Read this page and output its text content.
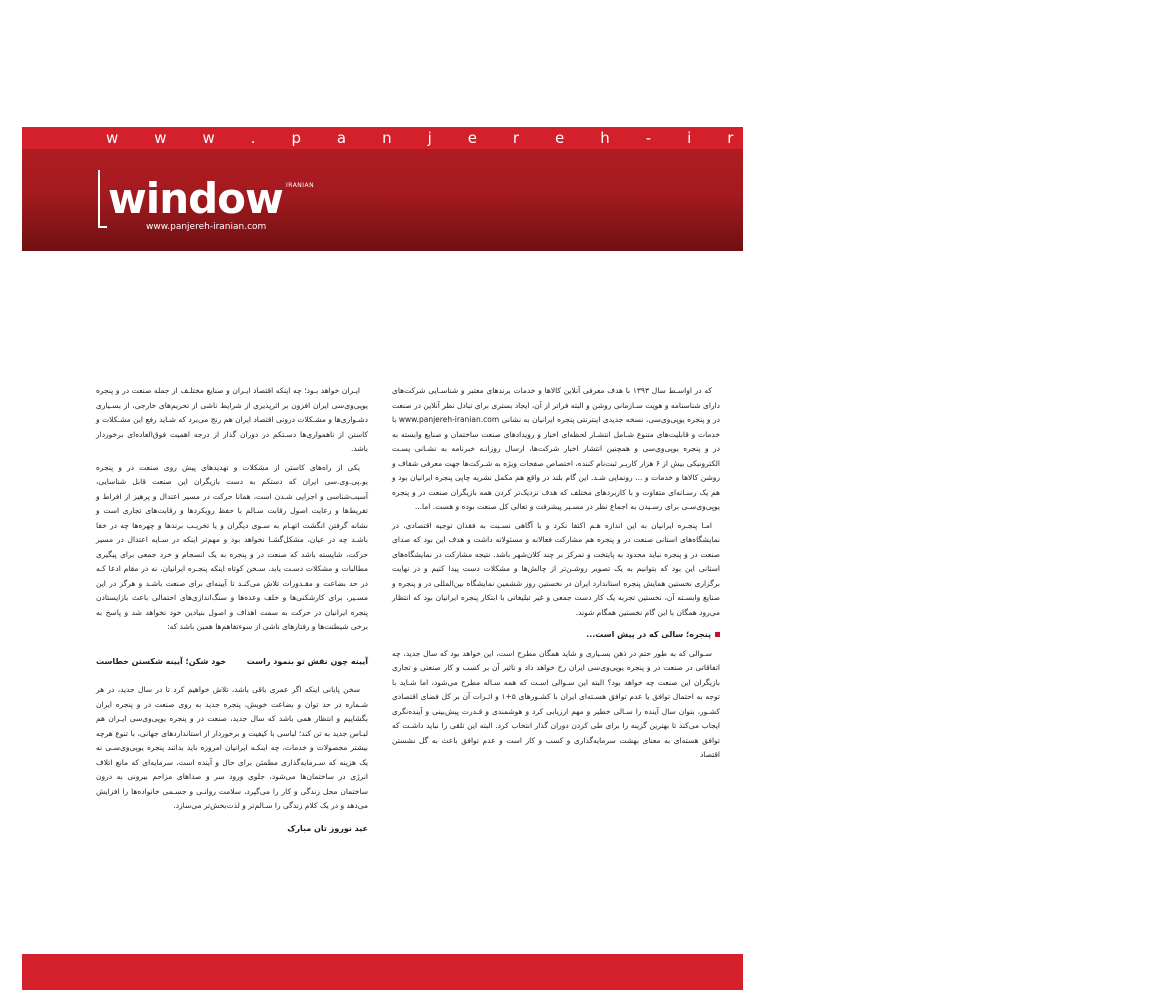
w w w . p a n j e r e h - i r a n i a n . c o m
window IRANIAN
www.panjereh-iranian.com

که در اواسـط سال ۱۳۹۳ با هدف معرفی آنلاین کالاها و خدمات برندهای معتبر و شناسـایی شرکت‌های دارای شناسنامه و هویت سـازمانی روشن و البته فراتر از آن، ایجاد بستری برای تبادل نظر آنلاین در صنعت در و پنجره یوپی‌وی‌سی، نسخه جدیدی اینترنتی پنجره ایرانیان به نشانی www.panjereh-iranian.com با خدمات و قابلیت‌های متنوع شـامل انتشـار لحظه‌ای اخبار و رویدادهای صنعت ساختمان و صنایع وابسته به در و پنجره یوپی‌وی‌سی و همچنین انتشار اخبار شرکت‌ها، ارسال روزانـه خبرنامه به نشـانی پسـت الکترونیکی بیش از ۶ هزار کاربـر ثبت‌نام کننده، اختصاص صفحات ویژه به شـرکت‌ها جهت معرفی شفاف و روشن کالاها و خدمات و ... رونمایی شـد. این گام بلند در واقع هم مکمل نشریه چاپی پنجره ایرانیان بود و هم یک رسـانه‌ای متفاوت و با کاربردهای مختلف که هدف نزدیک‌تر کردن همه بازیگران صنعت در و پنجره یوپی‌وی‌سـی برای رسـیدن به اجماع نظر در مسـیر پیشرفت و تعالی کل صنعت بوده و هست. اما...

امـا پنجـره ایرانیان به این اندازه هـم اکتفا نکرد و با آگاهی نسـبت به فقدان توجیه اقتصادی، در نمایشگاه‌های استانی صنعت در و پنجره هم مشارکت فعالانه و مسئولانه داشت و هدف این بود که صدای صنعت در و پنجره نباید محدود به پایتخت و تمرکز بر چند کلان‌شهر باشد. نتیجه مشارکت در نمایشگاه‌های استانی این بود که بتوانیم به یک تصویر روشـن‌تر از چالش‌ها و مشکلات دست پیدا کنیم و در نهایت برگزاری نخستین همایش پنجره استاندارد ایران در نخستین روز ششمین نمایشگاه بین‌المللی در و پنجره و صنایع وابسـته آن، نخستین تجربه یک کار دست جمعی و غیر تبلیغاتی با ابتکار پنجره ایرانیان بود که انتظار می‌رود همگان با این گام نخستین همگام شوند.

پنجره؛ سالی که در پیش است...

سـوالی که به طور حتم در ذهن بسـیاری و شاید همگان مطرح است، این خواهد بود که سال جدید، چه اتفاقاتی در صنعت در و پنجره یوپی‌وی‌سی ایران رخ خواهد داد و تاثیر آن بر کسب و کار صنعتی و تجاری بازیگران این صنعت چه خواهد بود؟ البته این سـوالی اسـت که همه سـاله مطرح می‌شود، اما شـاید با توجه به احتمال توافق یا عدم توافق هسـته‌ای ایران با کشـورهای ۵+۱ و اثـرات آن بر کل فضای اقتصادی کشـور، بتوان سال آینده را سـالی خطیر و مهم ارزیابی کرد و هوشمندی و قـدرت پیش‌بینی و آینده‌نگری ایجاب می‌کند تا بهترین گزینه را برای طی کردن دوران گذار انتخاب کرد. البته این تلقی را نباید داشـت که توافق هسته‌ای به معنای بهشت سرمایه‌گذاری و کسب و کار است و عدم توافق باعث به گل نشستن اقتصاد

ایـران خواهد بـود؛ چه اینکه اقتصاد ایـران و صنایع مختلـف از جمله صنعت در و پنجره یوپی‌وی‌سی ایران افزون بر اثرپذیری از شرایط ناشی از تحریم‌های خارجی، از بسـیاری دشـواری‌ها و مشـکلات درونی اقتصاد ایران هم رنج می‌برد که شـاید رفع این مشـکلات و کاستن از ناهمواری‌ها دسـتکم در دوران گذار از درجه اهمیت فوق‌العاده‌ای برخوردار باشد.

یکی از راه‌های کاستن از مشکلات و تهدیدهای پیش روی صنعت در و پنجره یو.پی.وی.سی ایران که دستکم به دست بازیگران این صنعت قابل شناسایی، آسیب‌شناسی و اجرایی شـدن است، همانا حرکت در مسیر اعتدال و پرهیز از افراط و تفریط‌ها و رعایت اصول رقابت سـالم با حفظ رویکردها و رقابت‌های تجاری است و نشانه گرفتن انگشت اتهـام به سـوی دیگران و یا تخریـب برندها و چهره‌ها چه در خفا باشـد چه در عیان، مشکل‌گشـا نخواهد بود و مهم‌تر اینکه در سـایه اعتدال در مسیر حرکت، شایسته باشد که صنعت در و پنجره به یک انسجام و خرد جمعی برای پیگیری مطالبات و مشکلات دسـت یابد. سـخن کوتاه اینکه پنجـره ایرانیان، نه در مقام ادعا کـه در حد بضاعت و مقـدورات تلاش می‌کنـد تا آیینه‌ای برای صنعت باشـد و هرگز در این مسـیر، برای کارشکنی‌ها و خلف وعده‌ها و سنگ‌اندازی‌های احتمالی باعث بازایستادن پنجره ایرانیان در حرکت به سمت اهداف و اصول بنیادین خود نخواهد شد و پاسخ به برخی شیطنت‌ها و رفتارهای ناشی از سوءتفاهم‌ها همین باشد که:

آیینه چون نقش تو بنمود راست
خود شکن؛ آیینه شکستن خطاست

سخن پایانی اینکه اگر عمری باقی باشد، تلاش خواهیم کرد تا در سال جدید، در هر شـماره در حد توان و بضاعت خویش، پنجره جدید به روی صنعت در و پنجره ایران بگشاییم و انتظار همی باشد که سال جدید، صنعت در و پنجره یوپی‌وی‌سی ایـران هم لبـاس جدید به تن کند؛ لباسی با کیفیت و برخوردار از استانداردهای جهانی، با تنوع هرچه بیشتر محصولات و خدمات، چه اینکـه ایرانیان امروزه باید بدانند پنجره یوپی‌وی‌سـی نه یک هزینه که سـرمایه‌گذاری مطمئن برای حال و آینده است، سرمایه‌ای که مانع اتلاف انرژی در ساختمان‌ها می‌شود، جلوی ورود سر و صداهای مزاحم بیرونی به درون ساختمان محل زندگی و کار را می‌گیرد، سلامت روانـی و جسـمی خانواده‌ها را افزایش می‌دهد و در یک کلام زندگی را سـالم‌تر و لذت‌بخش‌تر می‌سازد.

عید نوروز تان مبارک
